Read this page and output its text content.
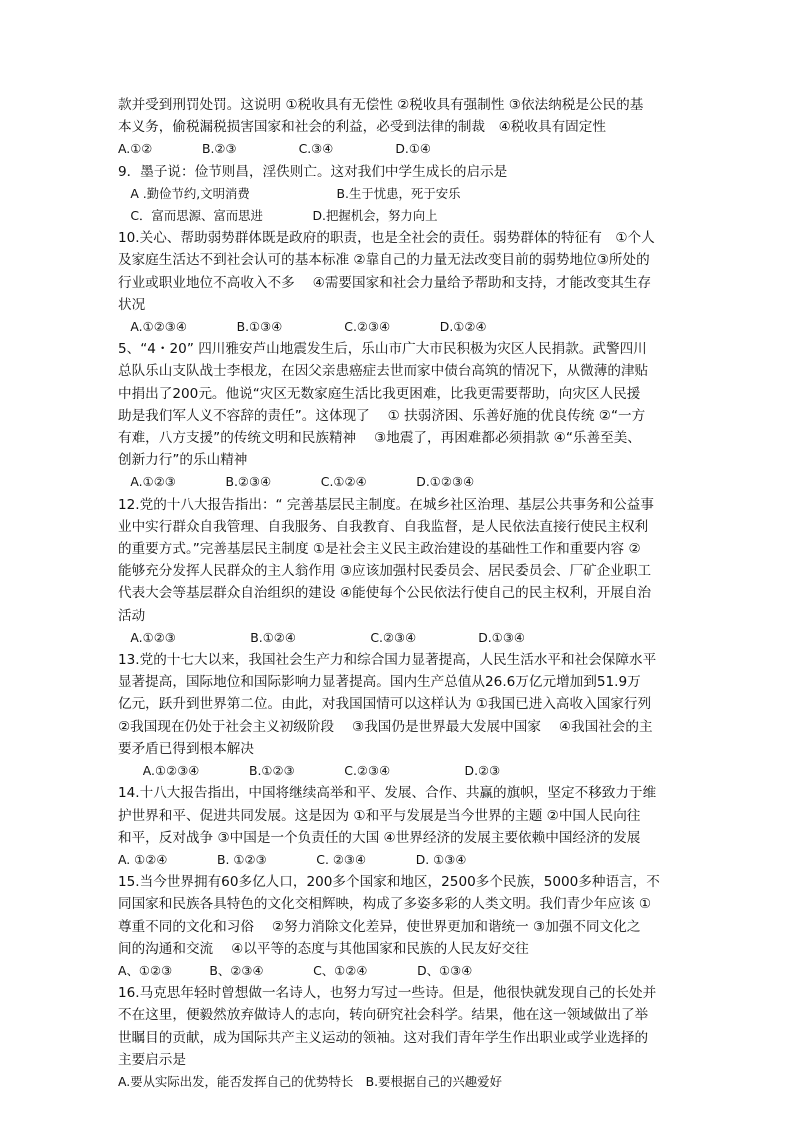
款并受到刑罚处罚。这说明 ①税收具有无偿性 ②税收具有强制性 ③依法纳税是公民的基

本义务，偷税漏税损害国家和社会的利益，必受到法律的制裁　④税收具有固定性

A.①②　　　　B.②③　　　　　C.③④　　　　　D.①④

9．墨子说：俭节则昌，淫佚则亡。这对我们中学生成长的启示是

　A .勤俭节约,文明消费　　　　　　　B.生于忧患，死于安乐

　C．富而思源、富而思进　　　　D.把握机会，努力向上

10.关心、帮助弱势群体既是政府的职责，也是全社会的责任。弱势群体的特征有　①个人

及家庭生活达不到社会认可的基本标准 ②靠自己的力量无法改变目前的弱势地位③所处的

行业或职业地位不高收入不多　 ④需要国家和社会力量给予帮助和支持，才能改变其生存

状况

　A.①②③④　　　　B.①③④　　　　　C.②③④　　　　D.①②④

5、“4・20” 四川雅安芦山地震发生后，乐山市广大市民积极为灾区人民捐款。武警四川

总队乐山支队战士李根龙，在因父亲患癌症去世而家中债台高筑的情况下，从微薄的津贴

中捐出了200元。他说“灾区无数家庭生活比我更困难，比我更需要帮助，向灾区人民援

助是我们军人义不容辞的责任”。这体现了　 ① 扶弱济困、乐善好施的优良传统 ②“一方

有难，八方支援”的传统文明和民族精神　 ③地震了，再困难都必须捐款 ④“乐善至美、

创新力行”的乐山精神

　A.①②③　　　　B.②③④　　　　C.①②④　　　　D.①②③④

12.党的十八大报告指出：“ 完善基层民主制度。在城乡社区治理、基层公共事务和公益事

业中实行群众自我管理、自我服务、自我教育、自我监督，是人民依法直接行使民主权利

的重要方式。”完善基层民主制度 ①是社会主义民主政治建设的基础性工作和重要内容 ②

能够充分发挥人民群众的主人翁作用 ③应该加强村民委员会、居民委员会、厂矿企业职工

代表大会等基层群众自治组织的建设 ④能使每个公民依法行使自己的民主权利，开展自治

活动

　A.①②③　　　　　　B.①②④　　　　　　C.②③④　　　　　D.①③④

13.党的十七大以来，我国社会生产力和综合国力显著提高，人民生活水平和社会保障水平

显著提高，国际地位和国际影响力显著提高。国内生产总值从26.6万亿元增加到51.9万

亿元，跃升到世界第二位。由此，对我国国情可以这样认为 ①我国已进入高收入国家行列

②我国现在仍处于社会主义初级阶段　 ③我国仍是世界最大发展中国家　 ④我国社会的主

要矛盾已得到根本解决

　　A.①②③④　　　　B.①②③　　　　C.②③④　　　　　　D.②③

14.十八大报告指出，中国将继续高举和平、发展、合作、共赢的旗帜，坚定不移致力于维

护世界和平、促进共同发展。这是因为 ①和平与发展是当今世界的主题 ②中国人民向往

和平，反对战争 ③中国是一个负责任的大国 ④世界经济的发展主要依赖中国经济的发展

A. ①②④　　　　B. ①②③　　　　C. ②③④　　　　D. ①③④

15.当今世界拥有60多亿人口，200多个国家和地区，2500多个民族，5000多种语言，不

同国家和民族各具特色的文化交相辉映，构成了多姿多彩的人类文明。我们青少年应该 ①

尊重不同的文化和习俗　 ②努力消除文化差异，使世界更加和谐统一 ③加强不同文化之

间的沟通和交流　 ④以平等的态度与其他国家和民族的人民友好交往

A、①②③　　　B、②③④　　　　C、①②④　　　　D、①③④

16.马克思年轻时曾想做一名诗人，也努力写过一些诗。但是，他很快就发现自己的长处并

不在这里，便毅然放弃做诗人的志向，转向研究社会科学。结果，他在这一领域做出了举

世瞩目的贡献，成为国际共产主义运动的领袖。这对我们青年学生作出职业或学业选择的

主要启示是

A.要从实际出发，能否发挥自己的优势特长　B.要根据自己的兴趣爱好
